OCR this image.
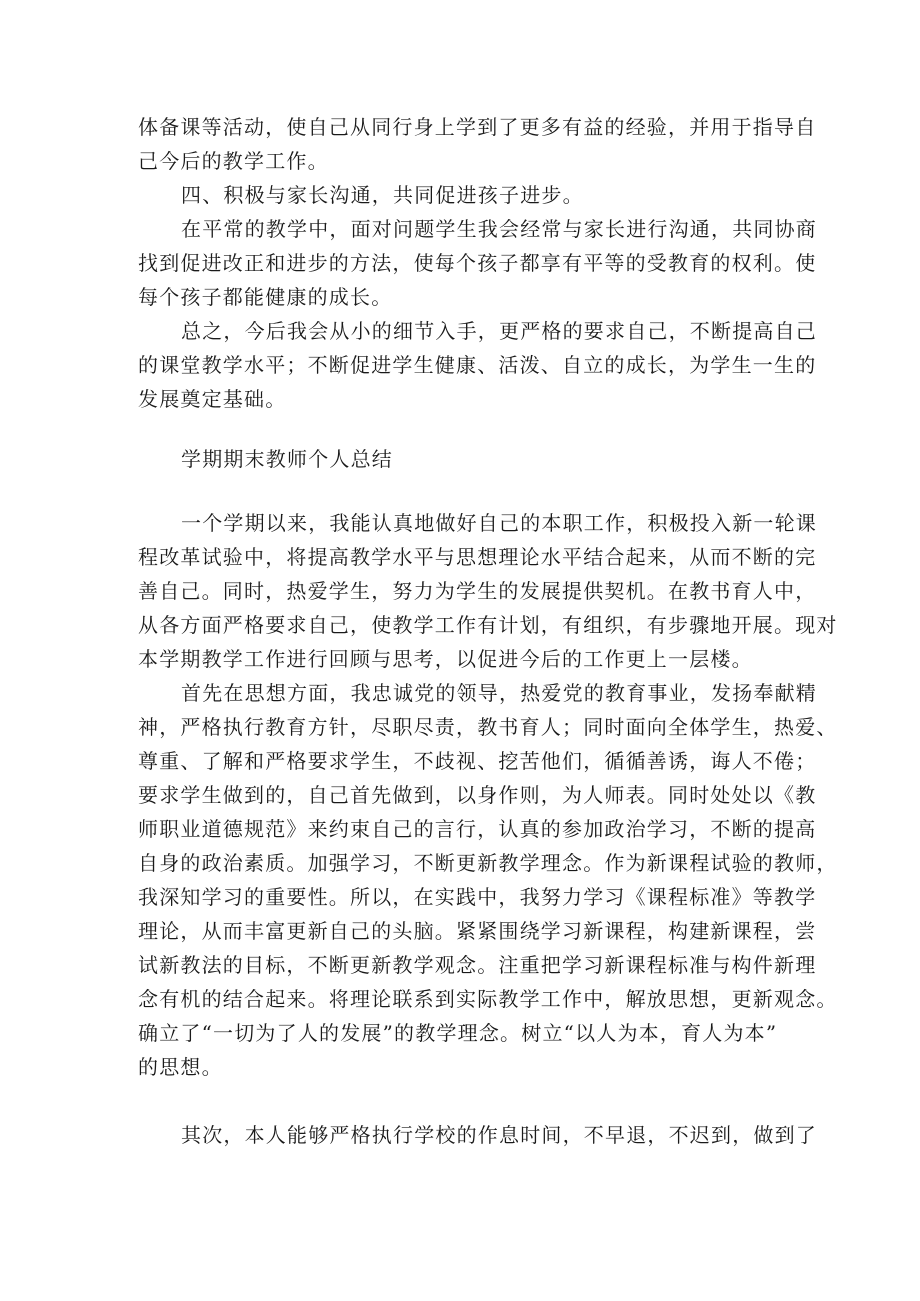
体备课等活动，使自己从同行身上学到了更多有益的经验，并用于指导自
己今后的教学工作。
四、积极与家长沟通，共同促进孩子进步。
在平常的教学中，面对问题学生我会经常与家长进行沟通，共同协商
找到促进改正和进步的方法，使每个孩子都享有平等的受教育的权利。使
每个孩子都能健康的成长。
总之，今后我会从小的细节入手，更严格的要求自己，不断提高自己
的课堂教学水平；不断促进学生健康、活泼、自立的成长，为学生一生的
发展奠定基础。
学期期末教师个人总结
一个学期以来，我能认真地做好自己的本职工作，积极投入新一轮课
程改革试验中，将提高教学水平与思想理论水平结合起来，从而不断的完
善自己。同时，热爱学生，努力为学生的发展提供契机。在教书育人中，
从各方面严格要求自己，使教学工作有计划，有组织，有步骤地开展。现对
本学期教学工作进行回顾与思考，以促进今后的工作更上一层楼。
首先在思想方面，我忠诚党的领导，热爱党的教育事业，发扬奉献精
神，严格执行教育方针，尽职尽责，教书育人；同时面向全体学生，热爱、
尊重、了解和严格要求学生，不歧视、挖苦他们，循循善诱，诲人不倦；
要求学生做到的，自己首先做到，以身作则，为人师表。同时处处以《教
师职业道德规范》来约束自己的言行，认真的参加政治学习，不断的提高
自身的政治素质。加强学习，不断更新教学理念。作为新课程试验的教师，
我深知学习的重要性。所以，在实践中，我努力学习《课程标准》等教学
理论，从而丰富更新自己的头脑。紧紧围绕学习新课程，构建新课程，尝
试新教法的目标，不断更新教学观念。注重把学习新课程标准与构件新理
念有机的结合起来。将理论联系到实际教学工作中，解放思想，更新观念。
确立了“一切为了人的发展”的教学理念。树立“以人为本，育人为本”
的思想。
其次，本人能够严格执行学校的作息时间，不早退，不迟到，做到了
